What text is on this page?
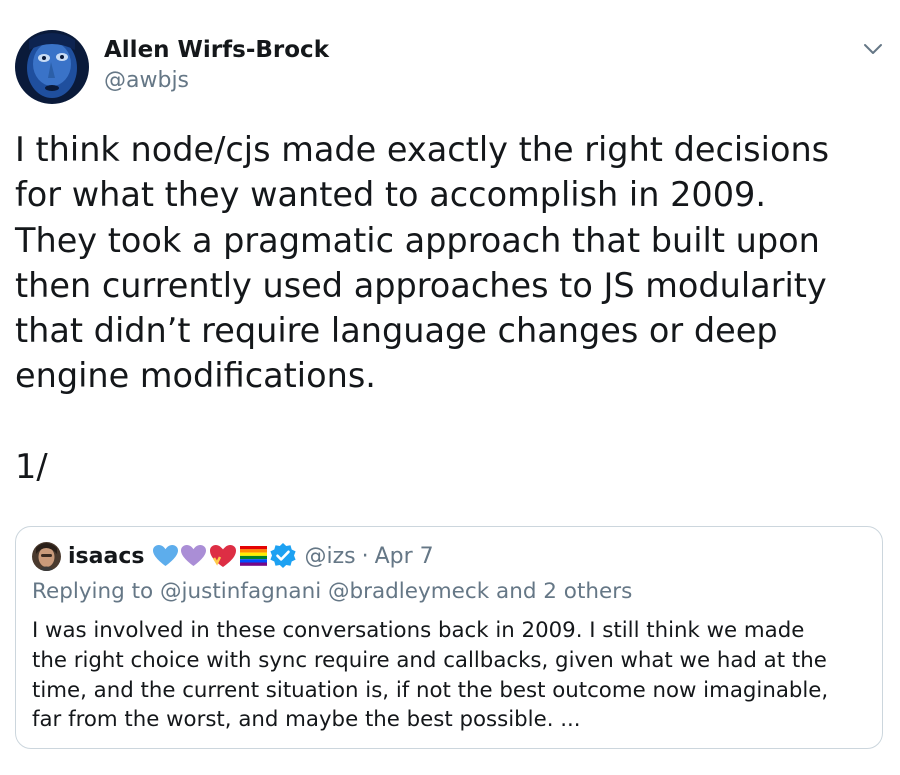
Allen Wirfs-Brock
@awbjs

I think node/cjs made exactly the right decisions

for what they wanted to accomplish in 2009.

They took a pragmatic approach that built upon

then currently used approaches to JS modularity

that didn’t require language changes or deep

engine modifications.

1/
isaacs	@izs · Apr 7
Replying to @justinfagnani @bradleymeck and 2 others
I was involved in these conversations back in 2009. I still think we made
the right choice with sync require and callbacks, given what we had at the
time, and the current situation is, if not the best outcome now imaginable,
far from the worst, and maybe the best possible. ...
